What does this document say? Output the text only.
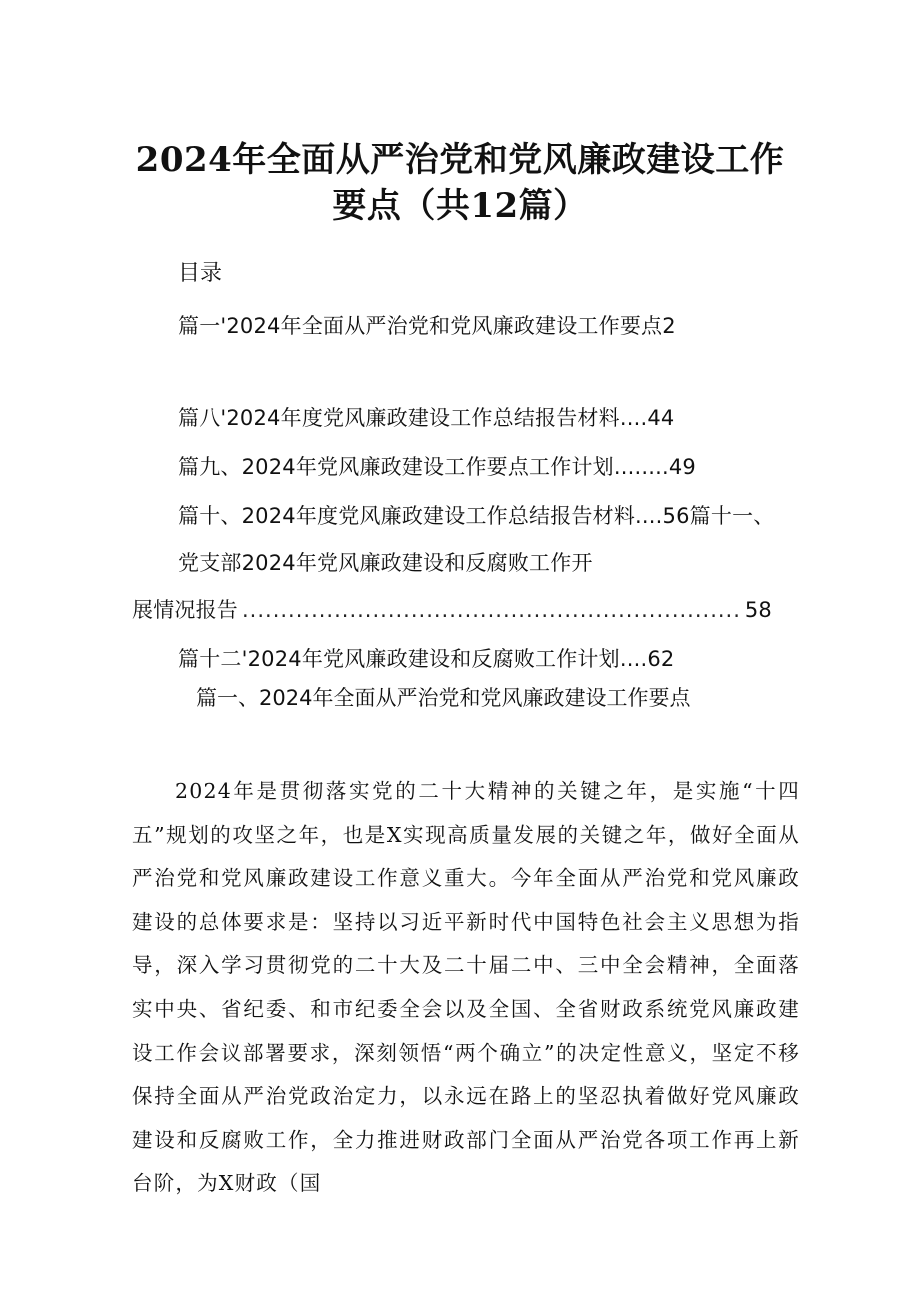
2024年全面从严治党和党风廉政建设工作
要点（共12篇）
目录
篇一'2024年全面从严治党和党风廉政建设工作要点2
篇八'2024年度党风廉政建设工作总结报告材料....44
篇九、2024年党风廉政建设工作要点工作计划........49
篇十、2024年度党风廉政建设工作总结报告材料....56篇十一、
党支部2024年党风廉政建设和反腐败工作开
展情况报告 .....	58
篇十二'2024年党风廉政建设和反腐败工作计划....62
篇一、2024年全面从严治党和党风廉政建设工作要点
2024年是贯彻落实党的二十大精神的关键之年，是实施“十四五”规划的攻坚之年，也是X实现高质量发展的关键之年，做好全面从严治党和党风廉政建设工作意义重大。今年全面从严治党和党风廉政建设的总体要求是：坚持以习近平新时代中国特色社会主义思想为指导，深入学习贯彻党的二十大及二十届二中、三中全会精神，全面落实中央、省纪委、和市纪委全会以及全国、全省财政系统党风廉政建设工作会议部署要求，深刻领悟“两个确立”的决定性意义，坚定不移保持全面从严治党政治定力，以永远在路上的坚忍执着做好党风廉政建设和反腐败工作，全力推进财政部门全面从严治党各项工作再上新台阶，为X财政（国
